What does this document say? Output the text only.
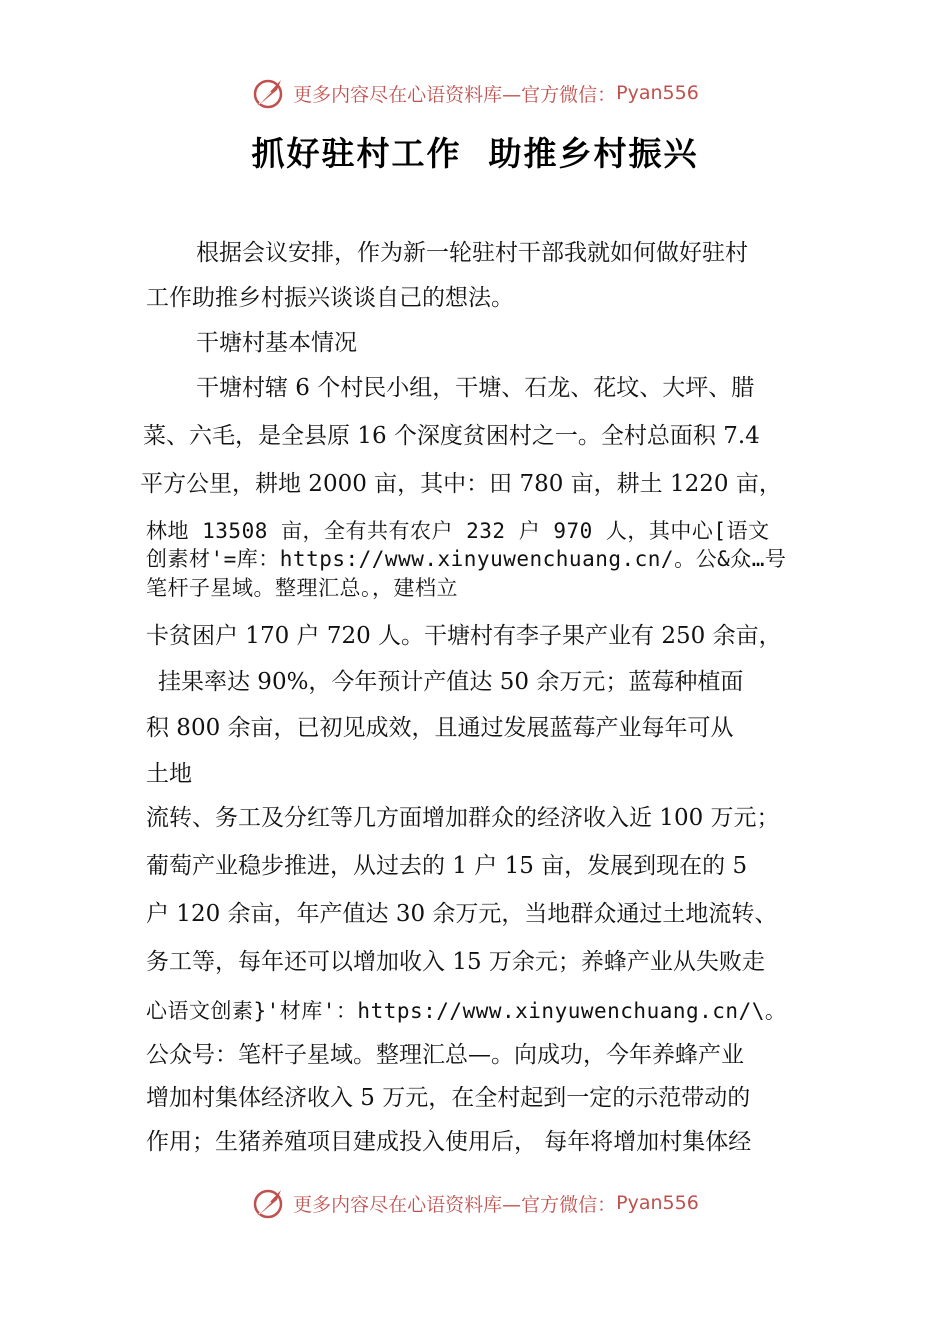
更多内容尽在心语资料库—官方微信： Pyan556
抓好驻村工作  助推乡村振兴
根据会议安排，作为新一轮驻村干部我就如何做好驻村
工作助推乡村振兴谈谈自己的想法。
干塘村基本情况
干塘村辖 6 个村民小组，干塘、石龙、花坟、大坪、腊
菜、六毛，是全县原 16 个深度贫困村之一。全村总面积 7.4
平方公里，耕地 2000 亩，其中：田 780 亩，耕土 1220 亩，
林地 13508 亩，全有共有农户 232 户 970 人，其中心[语文
创素材'=库：https://www.xinyuwenchuang.cn/。公&众…号
笔杆子星域。整理汇总。，建档立
卡贫困户 170 户 720 人。干塘村有李子果产业有 250 余亩，
挂果率达 90%，今年预计产值达 50 余万元；蓝莓种植面
积 800 余亩，已初见成效，且通过发展蓝莓产业每年可从
土地
流转、务工及分红等几方面增加群众的经济收入近 100 万元；
葡萄产业稳步推进，从过去的 1 户 15 亩，发展到现在的 5
户 120 余亩，年产值达 30 余万元，当地群众通过土地流转、
务工等，每年还可以增加收入 15 万余元；养蜂产业从失败走
心语文创素}'材库'：https://www.xinyuwenchuang.cn/\。
公众号：笔杆子星域。整理汇总—。向成功，今年养蜂产业
增加村集体经济收入 5 万元，在全村起到一定的示范带动的
作用；生猪养殖项目建成投入使用后， 每年将增加村集体经
更多内容尽在心语资料库—官方微信： Pyan556
